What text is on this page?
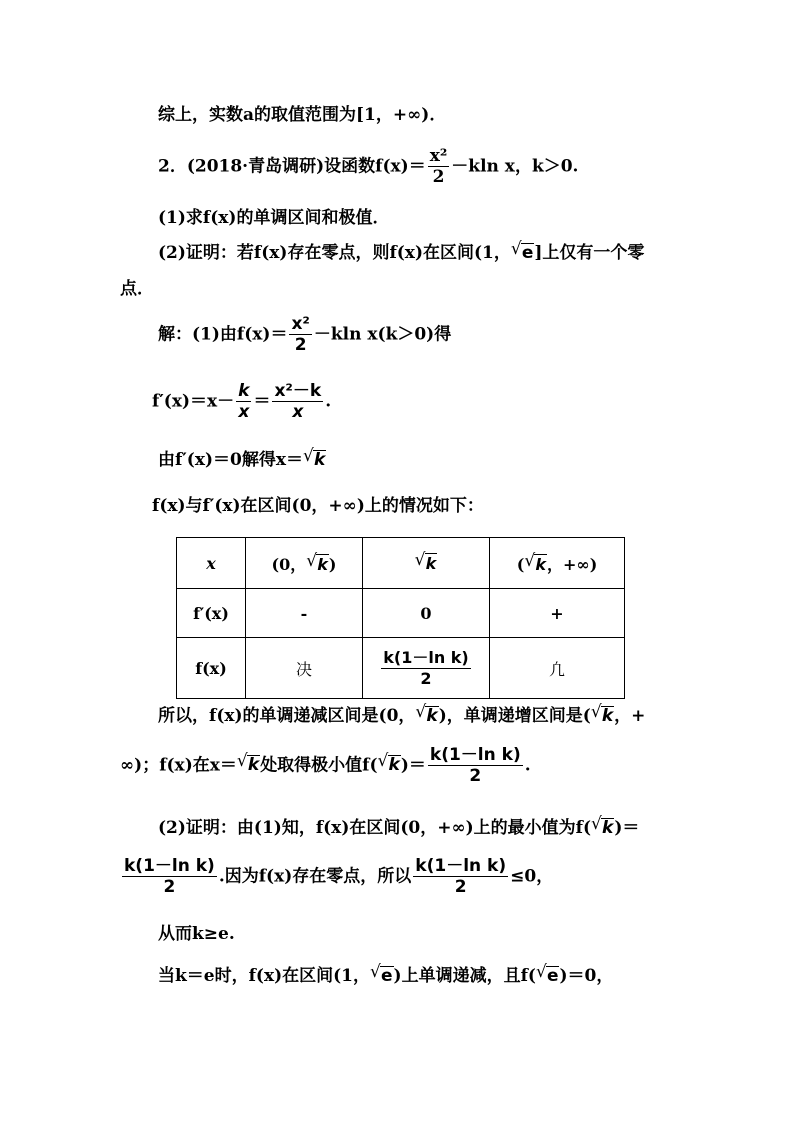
综上，实数a的取值范围为[1，+∞)．
2．(2018·青岛调研)设函数$f(x)= \frac{\text{x²}}{2} -kln$ x，k＞0.
(1)求f(x)的单调区间和极值．
(2)证明：若f(x)存在零点，则f(x)在区间(1， √ e]上仅有一个零
点．
解：(1)由$f(x)= \frac{\text{x²}}{2} -kln$ x(k＞0)得
$f'(x)=x- \frac{k}{x} = \frac{\text{x²－k}}{x}$ .
由f′(x)＝0解得x＝ √ k
f(x)与f′(x)在区间(0，+∞)上的情况如下：
x	(0， √ k)	√ k	( √ k，+∞)
f′(x)	-	0	+
f(x)	决	$\frac{\text{k(1－ln k)}}{2}$	凢
所以，f(x)的单调递减区间是(0， √ k)，单调递增区间是( √ k，+
∞)；f(x)在x＝ √ k处取得极小值f( √ $k)= \frac{\text{k(1－ln k)}}{2}$ .
(2)证明：由(1)知，f(x)在区间(0，+∞)上的最小值为f( √ k)＝
$\frac{\text{k(1－ln k)}}{2}$ .因为f(x)存在零点，所以 $\frac{\text{k(1－ln k)}}{2} \le 0$，
从而k≥e.
当k＝e时，f(x)在区间(1， √ e)上单调递减，且f( √ e)＝0，
